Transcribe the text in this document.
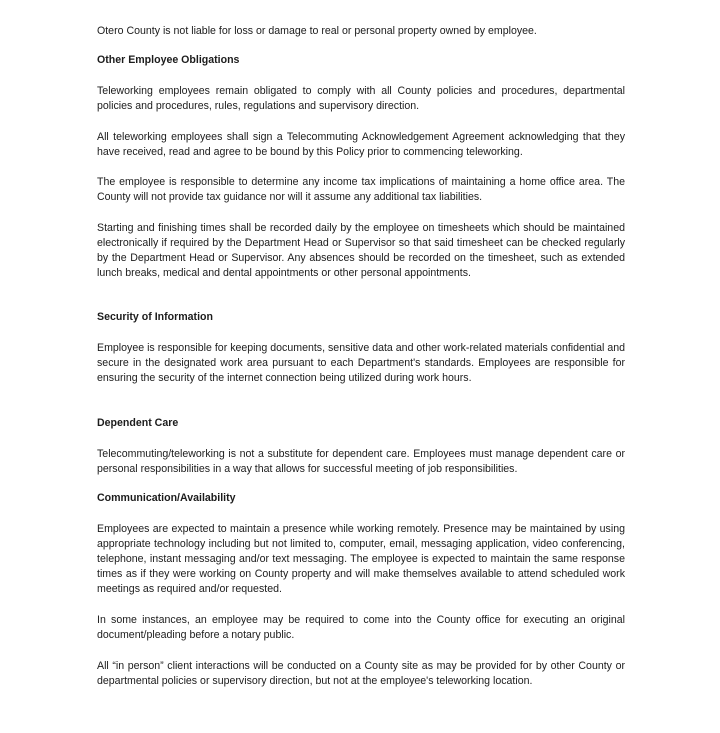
Otero County is not liable for loss or damage to real or personal property owned by employee.

Other Employee Obligations

Teleworking employees remain obligated to comply with all County policies and procedures, departmental policies and procedures, rules, regulations and supervisory direction.

All teleworking employees shall sign a Telecommuting Acknowledgement Agreement acknowledging that they have received, read and agree to be bound by this Policy prior to commencing teleworking.

The employee is responsible to determine any income tax implications of maintaining a home office area. The County will not provide tax guidance nor will it assume any additional tax liabilities.

Starting and finishing times shall be recorded daily by the employee on timesheets which should be maintained electronically if required by the Department Head or Supervisor so that said timesheet can be checked regularly by the Department Head or Supervisor. Any absences should be recorded on the timesheet, such as extended lunch breaks, medical and dental appointments or other personal appointments.

Security of Information

Employee is responsible for keeping documents, sensitive data and other work-related materials confidential and secure in the designated work area pursuant to each Department's standards. Employees are responsible for ensuring the security of the internet connection being utilized during work hours.

Dependent Care

Telecommuting/teleworking is not a substitute for dependent care. Employees must manage dependent care or personal responsibilities in a way that allows for successful meeting of job responsibilities.

Communication/Availability

Employees are expected to maintain a presence while working remotely. Presence may be maintained by using appropriate technology including but not limited to, computer, email, messaging application, video conferencing, telephone, instant messaging and/or text messaging. The employee is expected to maintain the same response times as if they were working on County property and will make themselves available to attend scheduled work meetings as required and/or requested.

In some instances, an employee may be required to come into the County office for executing an original document/pleading before a notary public.

All “in person” client interactions will be conducted on a County site as may be provided for by other County or departmental policies or supervisory direction, but not at the employee's teleworking location.
